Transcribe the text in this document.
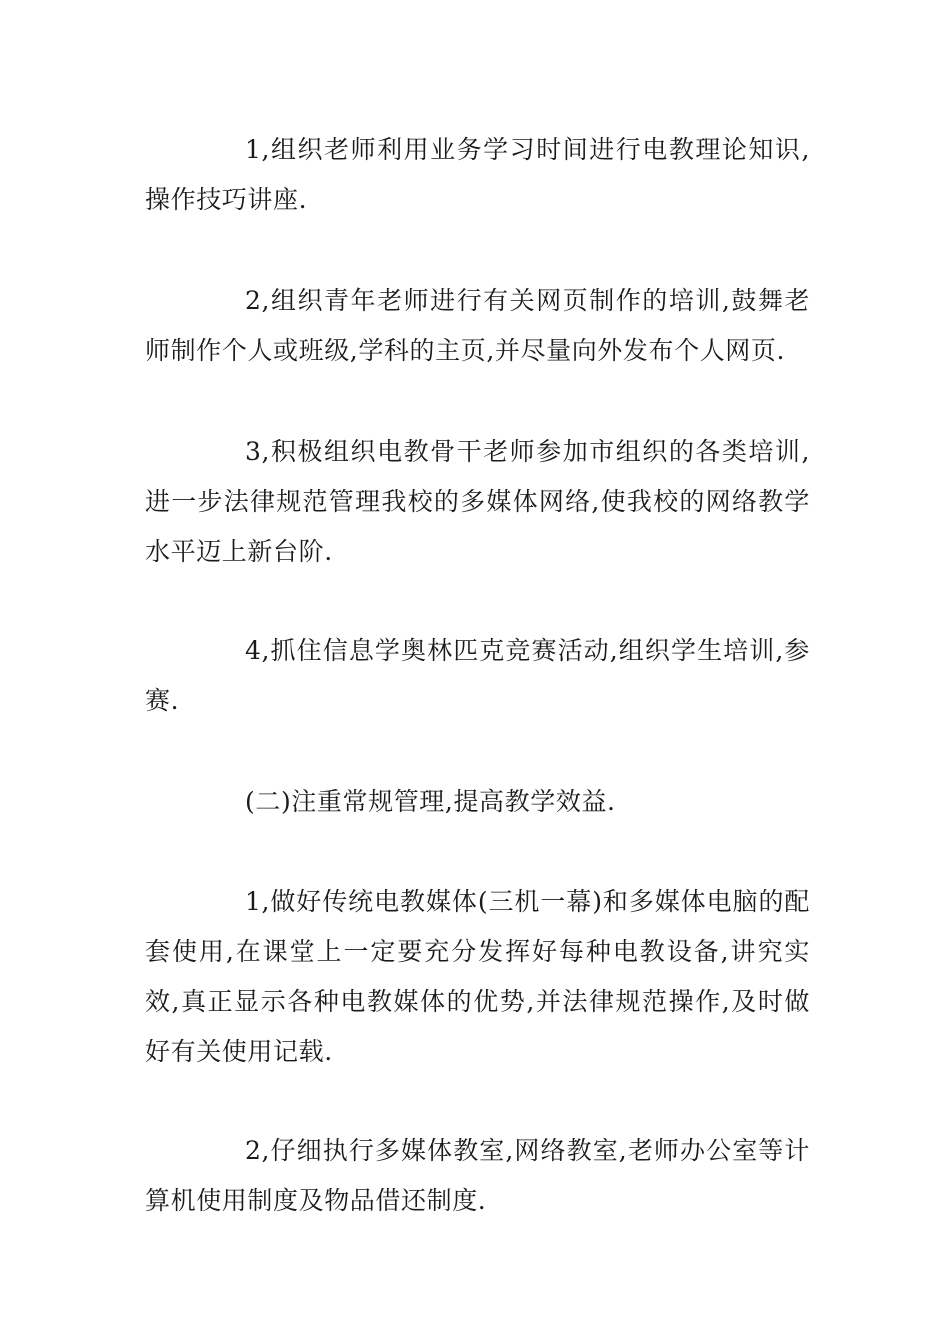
1,组织老师利用业务学习时间进行电教理论知识,操作技巧讲座.

2,组织青年老师进行有关网页制作的培训,鼓舞老师制作个人或班级,学科的主页,并尽量向外发布个人网页.

3,积极组织电教骨干老师参加市组织的各类培训,进一步法律规范管理我校的多媒体网络,使我校的网络教学水平迈上新台阶.

4,抓住信息学奥林匹克竞赛活动,组织学生培训,参赛.

(二)注重常规管理,提高教学效益.

1,做好传统电教媒体(三机一幕)和多媒体电脑的配套使用,在课堂上一定要充分发挥好每种电教设备,讲究实效,真正显示各种电教媒体的优势,并法律规范操作,及时做好有关使用记载.

2,仔细执行多媒体教室,网络教室,老师办公室等计算机使用制度及物品借还制度.
